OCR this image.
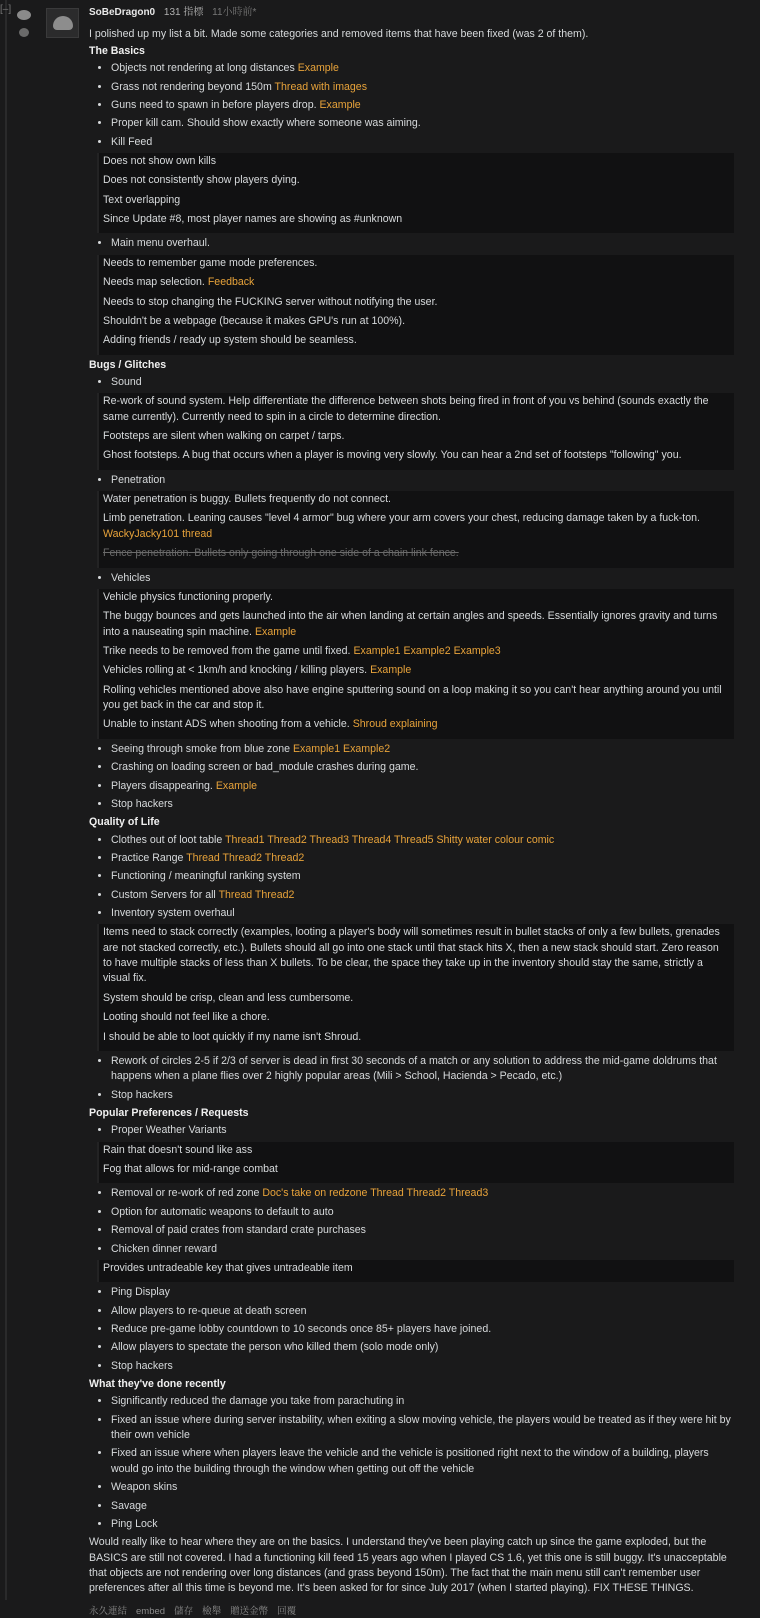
[–]	SoBeDragon0 131 指標 11小時前*

I polished up my list a bit. Made some categories and removed items that have been fixed (was 2 of them).

The Basics
• Objects not rendering at long distances Example
• Grass not rendering beyond 150m Thread with images
• Guns need to spawn in before players drop. Example
• Proper kill cam. Should show exactly where someone was aiming.
• Kill Feed
Does not show own kills
Does not consistently show players dying.
Text overlapping
Since Update #8, most player names are showing as #unknown
• Main menu overhaul.
Needs to remember game mode preferences.
Needs map selection. Feedback
Needs to stop changing the FUCKING server without notifying the user.
Shouldn't be a webpage (because it makes GPU's run at 100%).
Adding friends / ready up system should be seamless.
Bugs / Glitches
• Sound
Re-work of sound system. Help differentiate the difference between shots being fired in front of you vs behind (sounds exactly the same currently). Currently need to spin in a circle to determine direction.
Footsteps are silent when walking on carpet / tarps.
Ghost footsteps. A bug that occurs when a player is moving very slowly. You can hear a 2nd set of footsteps "following" you.
• Penetration
Water penetration is buggy. Bullets frequently do not connect.
Limb penetration. Leaning causes "level 4 armor" bug where your arm covers your chest, reducing damage taken by a fuck-ton. WackyJacky101 thread
Fence penetration. Bullets only going through one side of a chain link fence.
• Vehicles
Vehicle physics functioning properly.
The buggy bounces and gets launched into the air when landing at certain angles and speeds. Essentially ignores gravity and turns into a nauseating spin machine. Example
Trike needs to be removed from the game until fixed. Example1 Example2 Example3
Vehicles rolling at < 1km/h and knocking / killing players. Example
Rolling vehicles mentioned above also have engine sputtering sound on a loop making it so you can't hear anything around you until you get back in the car and stop it.
Unable to instant ADS when shooting from a vehicle. Shroud explaining
• Seeing through smoke from blue zone Example1 Example2
• Crashing on loading screen or bad_module crashes during game.
• Players disappearing. Example
• Stop hackers
Quality of Life
• Clothes out of loot table Thread1 Thread2 Thread3 Thread4 Thread5 Shitty water colour comic
• Practice Range Thread Thread2 Thread2
• Functioning / meaningful ranking system
• Custom Servers for all Thread Thread2
• Inventory system overhaul
Items need to stack correctly (examples, looting a player's body will sometimes result in bullet stacks of only a few bullets, grenades are not stacked correctly, etc.). Bullets should all go into one stack until that stack hits X, then a new stack should start. Zero reason to have multiple stacks of less than X bullets. To be clear, the space they take up in the inventory should stay the same, strictly a visual fix.
System should be crisp, clean and less cumbersome.
Looting should not feel like a chore.
I should be able to loot quickly if my name isn't Shroud.
• Rework of circles 2-5 if 2/3 of server is dead in first 30 seconds of a match or any solution to address the mid-game doldrums that happens when a plane flies over 2 highly popular areas (Mili > School, Hacienda > Pecado, etc.)
• Stop hackers
Popular Preferences / Requests
• Proper Weather Variants
Rain that doesn't sound like ass
Fog that allows for mid-range combat
• Removal or re-work of red zone Doc's take on redzone Thread Thread2 Thread3
• Option for automatic weapons to default to auto
• Removal of paid crates from standard crate purchases
• Chicken dinner reward
Provides untradeable key that gives untradeable item
• Ping Display
• Allow players to re-queue at death screen
• Reduce pre-game lobby countdown to 10 seconds once 85+ players have joined.
• Allow players to spectate the person who killed them (solo mode only)
• Stop hackers
What they've done recently
• Significantly reduced the damage you take from parachuting in
• Fixed an issue where during server instability, when exiting a slow moving vehicle, the players would be treated as if they were hit by their own vehicle
• Fixed an issue where when players leave the vehicle and the vehicle is positioned right next to the window of a building, players would go into the building through the window when getting out off the vehicle
• Weapon skins
• Savage
• Ping Lock

Would really like to hear where they are on the basics. I understand they've been playing catch up since the game exploded, but the BASICS are still not covered. I had a functioning kill feed 15 years ago when I played CS 1.6, yet this one is still buggy. It's unacceptable that objects are not rendering over long distances (and grass beyond 150m). The fact that the main menu still can't remember user preferences after all this time is beyond me. It's been asked for for since July 2017 (when I started playing). FIX THESE THINGS.

永久連結 embed 儲存 檢舉 贈送金幣 回覆
